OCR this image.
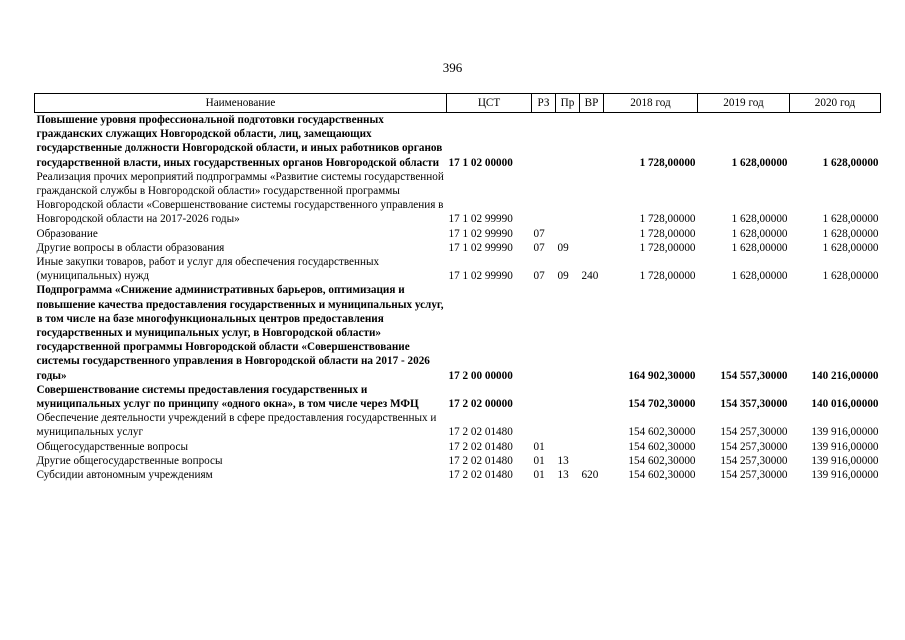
396
Наименование	ЦСТ	РЗ	Пр	ВР	2018 год	2019 год	2020 год
Повышение уровня профессиональной подготовки государственных гражданских служащих Новгородской области, лиц, замещающих государственные должности Новгородской области, и иных работников органов государственной власти, иных государственных органов Новгородской области	17 1 02 00000				1 728,00000	1 628,00000	1 628,00000
Реализация прочих мероприятий подпрограммы «Развитие системы государственной гражданской службы в Новгородской области» государственной программы Новгородской области «Совершенствование системы государственного управления в Новгородской области на 2017-2026 годы»	17 1 02 99990				1 728,00000	1 628,00000	1 628,00000
Образование	17 1 02 99990	07			1 728,00000	1 628,00000	1 628,00000
Другие вопросы в области образования	17 1 02 99990	07	09		1 728,00000	1 628,00000	1 628,00000
Иные закупки товаров, работ и услуг для обеспечения государственных (муниципальных) нужд	17 1 02 99990	07	09	240	1 728,00000	1 628,00000	1 628,00000
Подпрограмма «Снижение административных барьеров, оптимизация и повышение качества предоставления государственных и муниципальных услуг, в том числе на базе многофункциональных центров предоставления государственных и муниципальных услуг, в Новгородской области» государственной программы Новгородской области «Совершенствование системы государственного управления в Новгородской области на 2017 - 2026 годы»	17 2 00 00000				164 902,30000	154 557,30000	140 216,00000
Совершенствование системы предоставления государственных и муниципальных услуг по принципу «одного окна», в том числе через МФЦ	17 2 02 00000				154 702,30000	154 357,30000	140 016,00000
Обеспечение деятельности учреждений в сфере предоставления государственных и муниципальных услуг	17 2 02 01480				154 602,30000	154 257,30000	139 916,00000
Общегосударственные вопросы	17 2 02 01480	01			154 602,30000	154 257,30000	139 916,00000
Другие общегосударственные вопросы	17 2 02 01480	01	13		154 602,30000	154 257,30000	139 916,00000
Субсидии автономным учреждениям	17 2 02 01480	01	13	620	154 602,30000	154 257,30000	139 916,00000
